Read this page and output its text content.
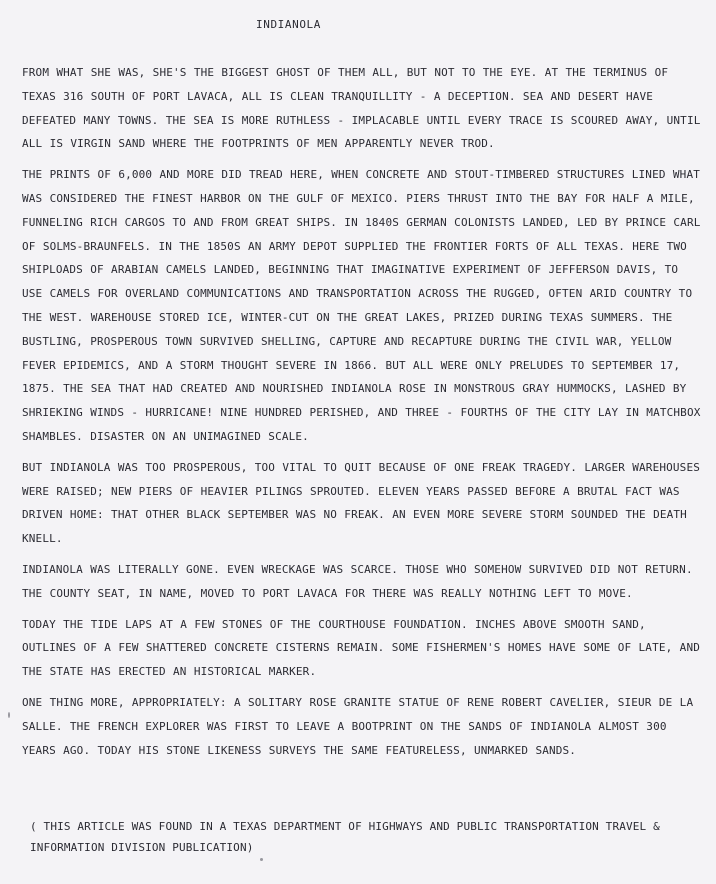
INDIANOLA

FROM WHAT SHE WAS, SHE'S THE BIGGEST GHOST OF THEM ALL, BUT NOT TO THE EYE. AT THE TERMINUS OF TEXAS 316 SOUTH OF PORT LAVACA, ALL IS CLEAN TRANQUILLITY - A DECEPTION. SEA AND DESERT HAVE DEFEATED MANY TOWNS. THE SEA IS MORE RUTHLESS - IMPLACABLE UNTIL EVERY TRACE IS SCOURED AWAY, UNTIL ALL IS VIRGIN SAND WHERE THE FOOTPRINTS OF MEN APPARENTLY NEVER TROD.

THE PRINTS OF 6,000 AND MORE DID TREAD HERE, WHEN CONCRETE AND STOUT-TIMBERED STRUCTURES LINED WHAT WAS CONSIDERED THE FINEST HARBOR ON THE GULF OF MEXICO. PIERS THRUST INTO THE BAY FOR HALF A MILE, FUNNELING RICH CARGOS TO AND FROM GREAT SHIPS. IN 1840S GERMAN COLONISTS LANDED, LED BY PRINCE CARL OF SOLMS-BRAUNFELS. IN THE 1850S AN ARMY DEPOT SUPPLIED THE FRONTIER FORTS OF ALL TEXAS. HERE TWO SHIPLOADS OF ARABIAN CAMELS LANDED, BEGINNING THAT IMAGINATIVE EXPERIMENT OF JEFFERSON DAVIS, TO USE CAMELS FOR OVERLAND COMMUNICATIONS AND TRANSPORTATION ACROSS THE RUGGED, OFTEN ARID COUNTRY TO THE WEST. WAREHOUSE STORED ICE, WINTER-CUT ON THE GREAT LAKES, PRIZED DURING TEXAS SUMMERS. THE BUSTLING, PROSPEROUS TOWN SURVIVED SHELLING, CAPTURE AND RECAPTURE DURING THE CIVIL WAR, YELLOW FEVER EPIDEMICS, AND A STORM THOUGHT SEVERE IN 1866. BUT ALL WERE ONLY PRELUDES TO SEPTEMBER 17, 1875. THE SEA THAT HAD CREATED AND NOURISHED INDIANOLA ROSE IN MONSTROUS GRAY HUMMOCKS, LASHED BY SHRIEKING WINDS - HURRICANE! NINE HUNDRED PERISHED, AND THREE - FOURTHS OF THE CITY LAY IN MATCHBOX SHAMBLES. DISASTER ON AN UNIMAGINED SCALE.

BUT INDIANOLA WAS TOO PROSPEROUS, TOO VITAL TO QUIT BECAUSE OF ONE FREAK TRAGEDY. LARGER WAREHOUSES WERE RAISED; NEW PIERS OF HEAVIER PILINGS SPROUTED. ELEVEN YEARS PASSED BEFORE A BRUTAL FACT WAS DRIVEN HOME: THAT OTHER BLACK SEPTEMBER WAS NO FREAK. AN EVEN MORE SEVERE STORM SOUNDED THE DEATH KNELL.

INDIANOLA WAS LITERALLY GONE. EVEN WRECKAGE WAS SCARCE. THOSE WHO SOMEHOW SURVIVED DID NOT RETURN. THE COUNTY SEAT, IN NAME, MOVED TO PORT LAVACA FOR THERE WAS REALLY NOTHING LEFT TO MOVE.

TODAY THE TIDE LAPS AT A FEW STONES OF THE COURTHOUSE FOUNDATION. INCHES ABOVE SMOOTH SAND, OUTLINES OF A FEW SHATTERED CONCRETE CISTERNS REMAIN. SOME FISHERMEN'S HOMES HAVE SOME OF LATE, AND THE STATE HAS ERECTED AN HISTORICAL MARKER.

ONE THING MORE, APPROPRIATELY: A SOLITARY ROSE GRANITE STATUE OF RENE ROBERT CAVELIER, SIEUR DE LA SALLE. THE FRENCH EXPLORER WAS FIRST TO LEAVE A BOOTPRINT ON THE SANDS OF INDIANOLA ALMOST 300 YEARS AGO. TODAY HIS STONE LIKENESS SURVEYS THE SAME FEATURELESS, UNMARKED SANDS.

( THIS ARTICLE WAS FOUND IN A TEXAS DEPARTMENT OF HIGHWAYS AND PUBLIC TRANSPORTATION TRAVEL & INFORMATION DIVISION PUBLICATION)
